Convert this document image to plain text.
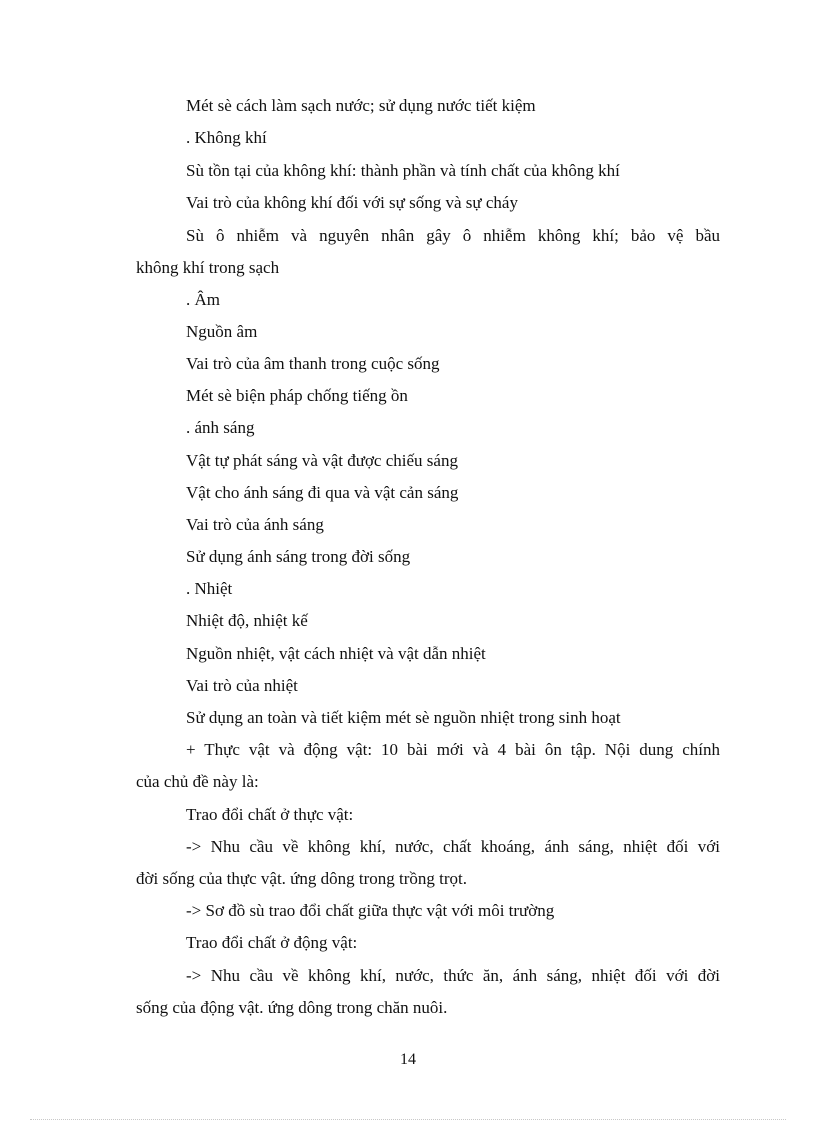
Mét sè cách làm sạch nước; sử dụng nước tiết kiệm
. Không khí
Sù tồn tại của không khí: thành phần và tính chất của không khí
Vai trò của không khí đối với sự sống và sự cháy
Sù ô nhiễm và nguyên nhân gây ô nhiễm không khí; bảo vệ bầu
không khí trong sạch
. Âm
Nguồn âm
Vai trò của âm thanh trong cuộc sống
Mét sè biện pháp chống tiếng ồn
. ánh sáng
Vật tự phát sáng và vật được chiếu sáng
Vật cho ánh sáng đi qua và vật cản sáng
Vai trò của ánh sáng
Sử dụng ánh sáng trong đời sống
. Nhiệt
Nhiệt độ, nhiệt kế
Nguồn nhiệt, vật cách nhiệt và vật dẫn nhiệt
Vai trò của nhiệt
Sử dụng an toàn và tiết kiệm mét sè nguồn nhiệt trong sinh hoạt
+ Thực vật và động vật: 10 bài mới và 4 bài ôn tập. Nội dung chính
của chủ đề này là:
Trao đổi chất ở thực vật:
-> Nhu cầu về không khí, nước, chất khoáng, ánh sáng, nhiệt đối với
đời sống của thực vật. ứng dông trong trồng trọt.
-> Sơ đồ sù trao đổi chất giữa thực vật với môi trường
Trao đổi chất ở động vật:
-> Nhu cầu về không khí, nước, thức ăn, ánh sáng, nhiệt đối với đời
sống của động vật. ứng dông trong chăn nuôi.
14
